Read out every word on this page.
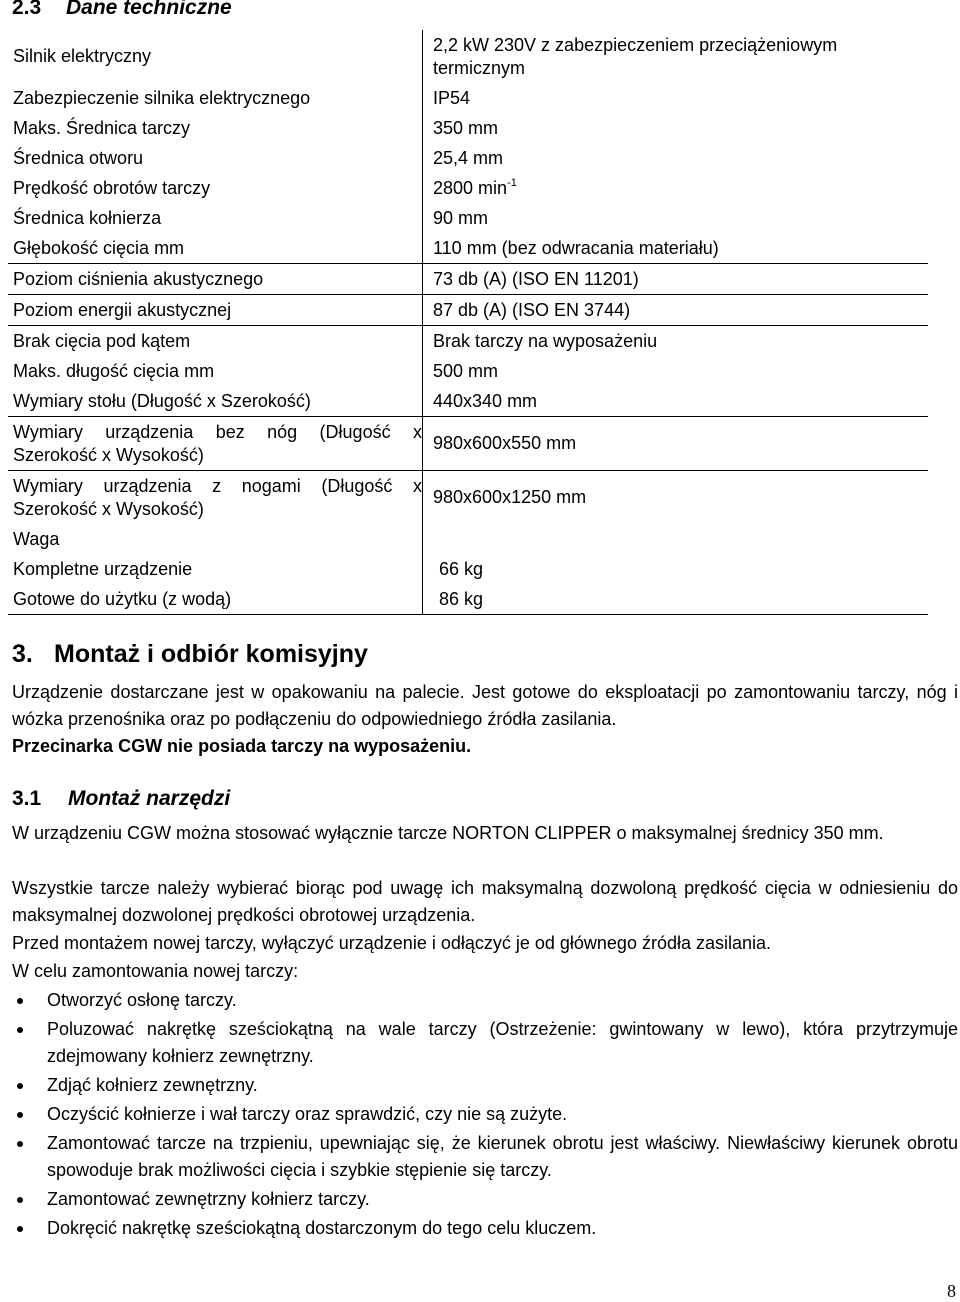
2.3 Dane techniczne
Silnik elektryczny	2,2 kW 230V z zabezpieczeniem przeciążeniowym termicznym
Zabezpieczenie silnika elektrycznego	IP54
Maks. Średnica tarczy	350 mm
Średnica otworu	25,4 mm
Prędkość obrotów tarczy	2800 $\min^{-1}$
Średnica kołnierza	90 mm
Głębokość cięcia mm	110 mm (bez odwracania materiału)
Poziom ciśnienia akustycznego	73 db (A) (ISO EN 11201)
Poziom energii akustycznej	87 db (A) (ISO EN 3744)
Brak cięcia pod kątem	Brak tarczy na wyposażeniu
Maks. długość cięcia mm	500 mm
Wymiary stołu (Długość x Szerokość)	440x340 mm
Wymiary urządzenia bez nóg (Długość x Szerokość x Wysokość)	980x600x550 mm
Wymiary urządzenia z nogami (Długość x Szerokość x Wysokość)	980x600x1250 mm
Waga	
Kompletne urządzenie	66 kg
Gotowe do użytku (z wodą)	86 kg
3. Montaż i odbiór komisyjny
Urządzenie dostarczane jest w opakowaniu na palecie. Jest gotowe do eksploatacji po zamontowaniu tarczy, nóg i wózka przenośnika oraz po podłączeniu do odpowiedniego źródła zasilania.
Przecinarka CGW nie posiada tarczy na wyposażeniu.
3.1 Montaż narzędzi
W urządzeniu CGW można stosować wyłącznie tarcze NORTON CLIPPER o maksymalnej średnicy 350 mm.
Wszystkie tarcze należy wybierać biorąc pod uwagę ich maksymalną dozwoloną prędkość cięcia w odniesieniu do maksymalnej dozwolonej prędkości obrotowej urządzenia.
Przed montażem nowej tarczy, wyłączyć urządzenie i odłączyć je od głównego źródła zasilania.
W celu zamontowania nowej tarczy:
Otworzyć osłonę tarczy.
Poluzować nakrętkę sześciokątną na wale tarczy (Ostrzeżenie: gwintowany w lewo), która przytrzymuje zdejmowany kołnierz zewnętrzny.
Zdjąć kołnierz zewnętrzny.
Oczyścić kołnierze i wał tarczy oraz sprawdzić, czy nie są zużyte.
Zamontować tarcze na trzpieniu, upewniając się, że kierunek obrotu jest właściwy. Niewłaściwy kierunek obrotu spowoduje brak możliwości cięcia i szybkie stępienie się tarczy.
Zamontować zewnętrzny kołnierz tarczy.
Dokręcić nakrętkę sześciokątną dostarczonym do tego celu kluczem.
8
